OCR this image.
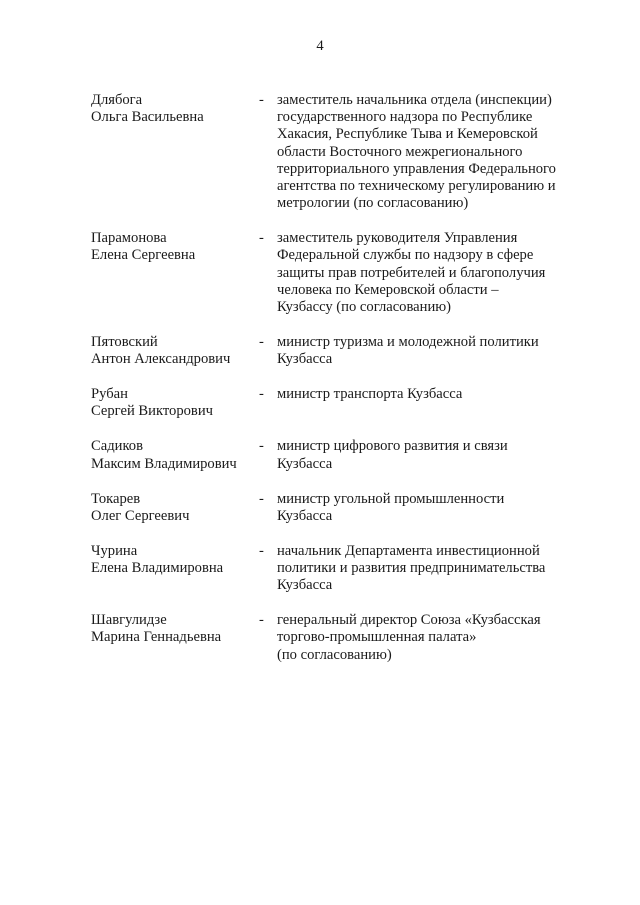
4
Длябога
Ольга Васильевна
- заместитель начальника отдела (инспекции)
государственного надзора по Республике
Хакасия, Республике Тыва и Кемеровской
области Восточного межрегионального
территориального управления Федерального
агентства по техническому регулированию и
метрологии (по согласованию)
Парамонова
Елена Сергеевна
- заместитель руководителя Управления
Федеральной службы по надзору в сфере
защиты прав потребителей и благополучия
человека по Кемеровской области –
Кузбассу (по согласованию)
Пятовский
Антон Александрович
- министр туризма и молодежной политики
Кузбасса
Рубан
Сергей Викторович
- министр транспорта Кузбасса
Садиков
Максим Владимирович
- министр цифрового развития и связи
Кузбасса
Токарев
Олег Сергеевич
- министр угольной промышленности
Кузбасса
Чурина
Елена Владимировна
- начальник Департамента инвестиционной
политики и развития предпринимательства
Кузбасса
Шавгулидзе
Марина Геннадьевна
- генеральный директор Союза «Кузбасская
торгово-промышленная палата»
(по согласованию)
